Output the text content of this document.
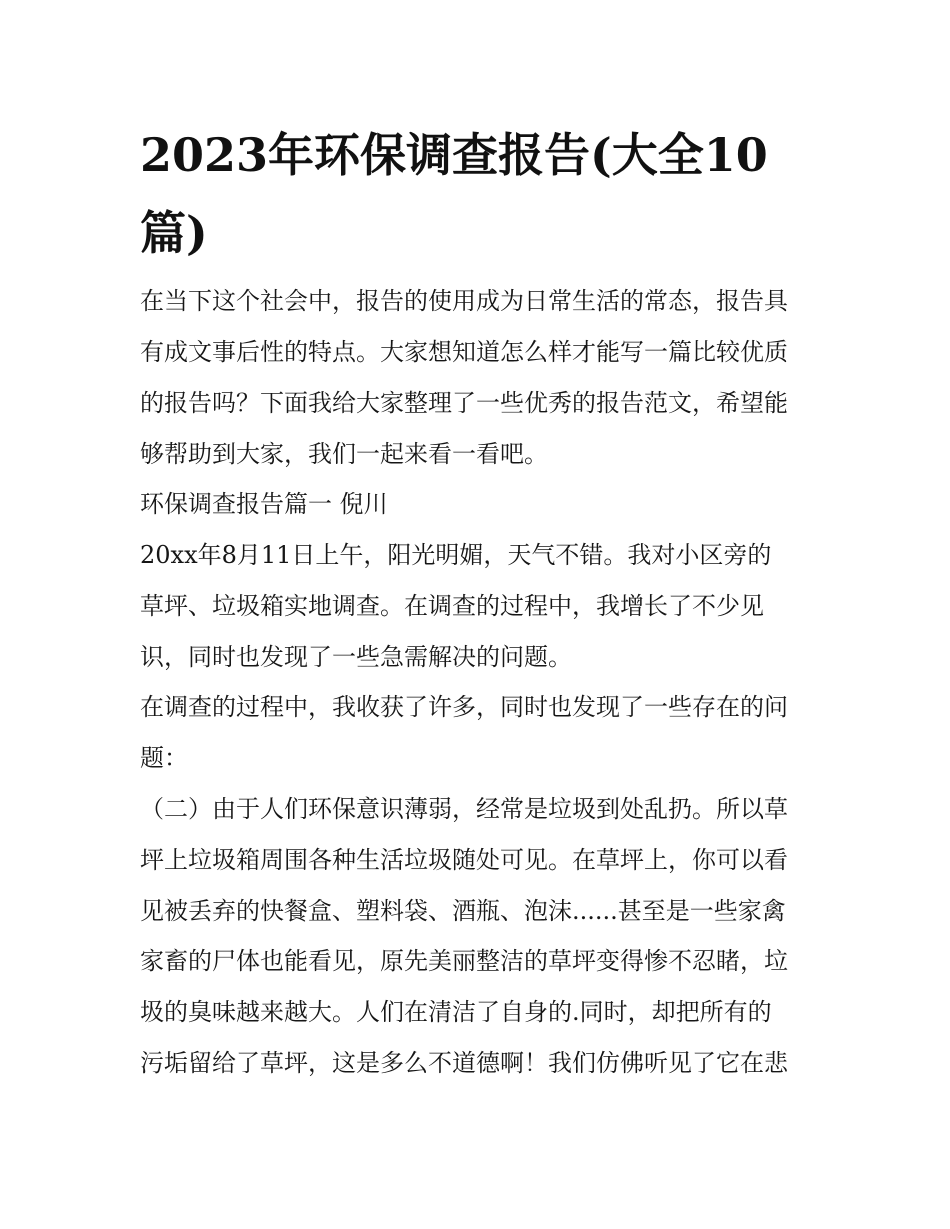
2023年环保调查报告(大全10篇)

在当下这个社会中，报告的使用成为日常生活的常态，报告具

有成文事后性的特点。大家想知道怎么样才能写一篇比较优质

的报告吗？下面我给大家整理了一些优秀的报告范文，希望能

够帮助到大家，我们一起来看一看吧。

环保调查报告篇一 倪川

20xx年8月11日上午，阳光明媚，天气不错。我对小区旁的

草坪、垃圾箱实地调查。在调查的过程中，我增长了不少见

识，同时也发现了一些急需解决的问题。

在调查的过程中，我收获了许多，同时也发现了一些存在的问

题：

（二）由于人们环保意识薄弱，经常是垃圾到处乱扔。所以草

坪上垃圾箱周围各种生活垃圾随处可见。在草坪上，你可以看

见被丢弃的快餐盒、塑料袋、酒瓶、泡沫......甚至是一些家禽

家畜的尸体也能看见，原先美丽整洁的草坪变得惨不忍睹，垃

圾的臭味越来越大。人们在清洁了自身的.同时，却把所有的

污垢留给了草坪，这是多么不道德啊！我们仿佛听见了它在悲
